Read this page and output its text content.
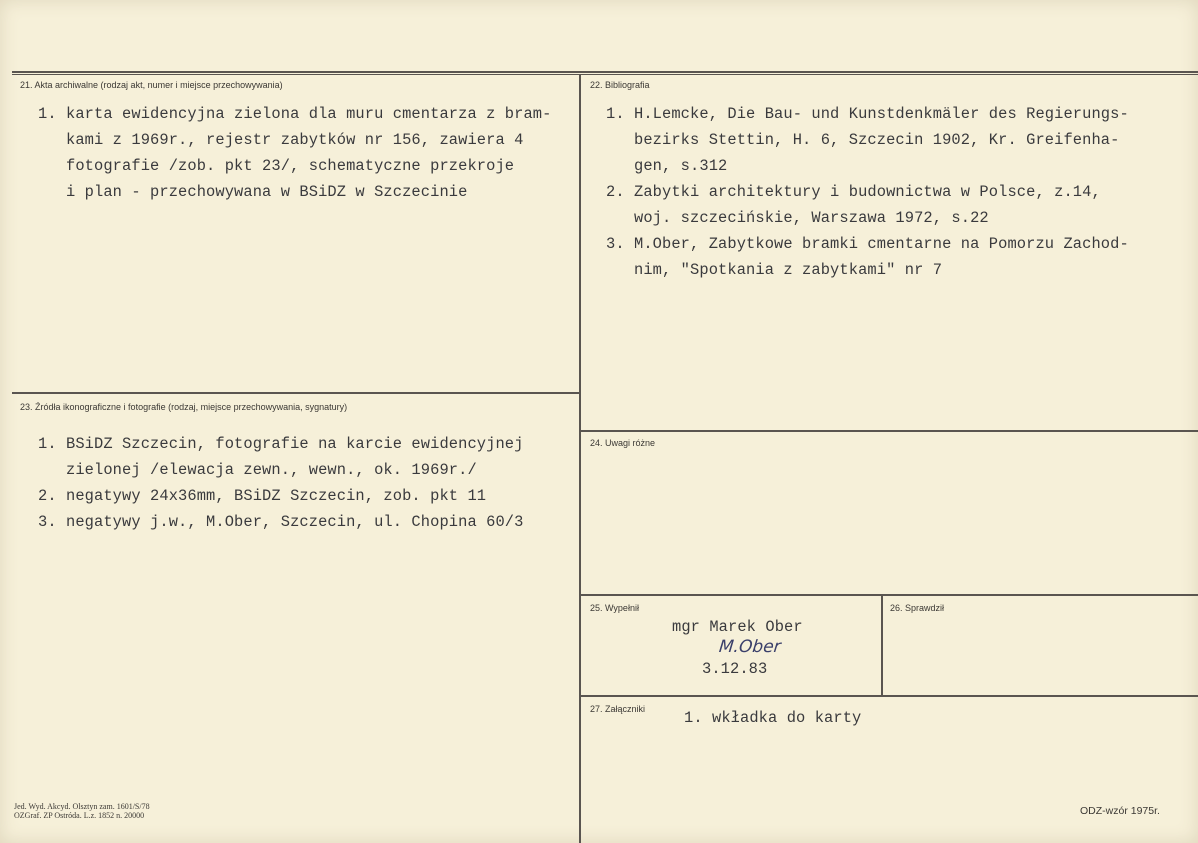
21. Akta archiwalne (rodzaj akt, numer i miejsce przechowywania)
1. karta ewidencyjna zielona dla muru cmentarza z bram-
kami z 1969r., rejestr zabytków nr 156, zawiera 4
fotografie /zob. pkt 23/, schematyczne przekroje
i plan - przechowywana w BSiDZ w Szczecinie
22. Bibliografia
1. H.Lemcke, Die Bau- und Kunstdenkmäler des Regierungs-
bezirks Stettin, H. 6, Szczecin 1902, Kr. Greifenha-
gen, s.312
2. Zabytki architektury i budownictwa w Polsce, z.14,
woj. szczecińskie, Warszawa 1972, s.22
3. M.Ober, Zabytkowe bramki cmentarne na Pomorzu Zachod-
nim, "Spotkania z zabytkami" nr 7
23. Źródła ikonograficzne i fotografie (rodzaj, miejsce przechowywania, sygnatury)
1. BSiDZ Szczecin, fotografie na karcie ewidencyjnej
zielonej /elewacja zewn., wewn., ok. 1969r./
2. negatywy 24x36mm, BSiDZ Szczecin, zob. pkt 11
3. negatywy j.w., M.Ober, Szczecin, ul. Chopina 60/3
24. Uwagi różne
25. Wypełnił
mgr Marek Ober
M.Ober
3.12.83
26. Sprawdził
27. Załączniki	1. wkładka do karty
Jed. Wyd. Akcyd. Olsztyn zam. 1601/S/78
OZGraf. ZP Ostróda. L.z. 1852 n. 20000	ODZ-wzór 1975r.
